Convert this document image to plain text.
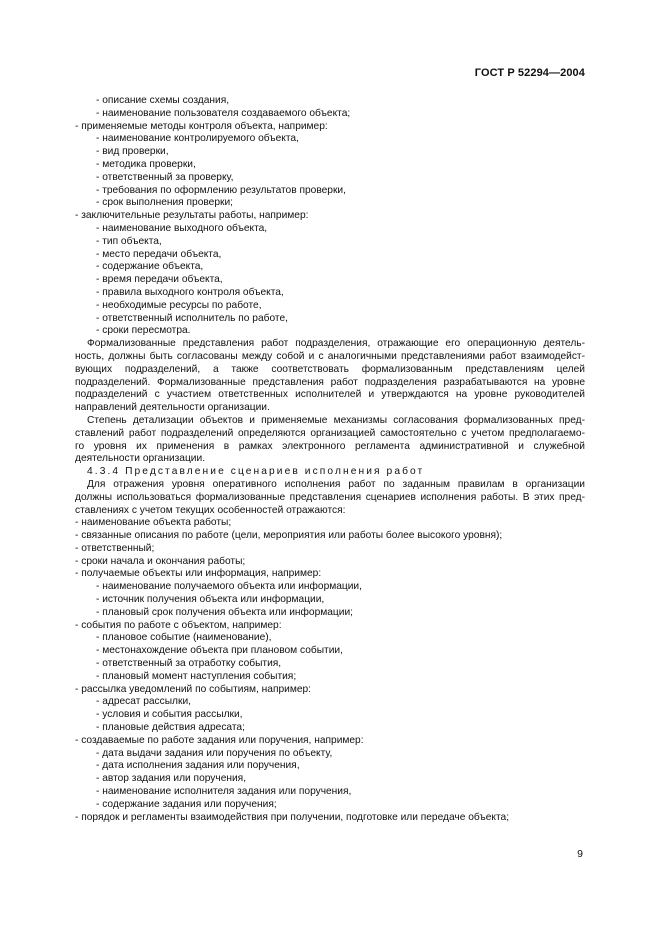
ГОСТ Р 52294—2004
- описание схемы создания,
- наименование пользователя создаваемого объекта;
- применяемые методы контроля объекта, например:
- наименование контролируемого объекта,
- вид проверки,
- методика проверки,
- ответственный за проверку,
- требования по оформлению результатов проверки,
- срок выполнения проверки;
- заключительные результаты работы, например:
- наименование выходного объекта,
- тип объекта,
- место передачи объекта,
- содержание объекта,
- время передачи объекта,
- правила выходного контроля объекта,
- необходимые ресурсы по работе,
- ответственный исполнитель по работе,
- сроки пересмотра.
Формализованные представления работ подразделения, отражающие его операционную деятель-
ность, должны быть согласованы между собой и с аналогичными представлениями работ взаимодейст-
вующих подразделений, а также соответствовать формализованным представлениям целей
подразделений. Формализованные представления работ подразделения разрабатываются на уровне
подразделений с участием ответственных исполнителей и утверждаются на уровне руководителей
направлений деятельности организации.
Степень детализации объектов и применяемые механизмы согласования формализованных пред-
ставлений работ подразделений определяются организацией самостоятельно с учетом предполагаемо-
го уровня их применения в рамках электронного регламента административной и служебной
деятельности организации.
4.3.4 Представление сценариев исполнения работ
Для отражения уровня оперативного исполнения работ по заданным правилам в организации
должны использоваться формализованные представления сценариев исполнения работы. В этих пред-
ставлениях с учетом текущих особенностей отражаются:
- наименование объекта работы;
- связанные описания по работе (цели, мероприятия или работы более высокого уровня);
- ответственный;
- сроки начала и окончания работы;
- получаемые объекты или информация, например:
- наименование получаемого объекта или информации,
- источник получения объекта или информации,
- плановый срок получения объекта или информации;
- события по работе с объектом, например:
- плановое событие (наименование),
- местонахождение объекта при плановом событии,
- ответственный за отработку события,
- плановый момент наступления события;
- рассылка уведомлений по событиям, например:
- адресат рассылки,
- условия и события рассылки,
- плановые действия адресата;
- создаваемые по работе задания или поручения, например:
- дата выдачи задания или поручения по объекту,
- дата исполнения задания или поручения,
- автор задания или поручения,
- наименование исполнителя задания или поручения,
- содержание задания или поручения;
- порядок и регламенты взаимодействия при получении, подготовке или передаче объекта;
9
